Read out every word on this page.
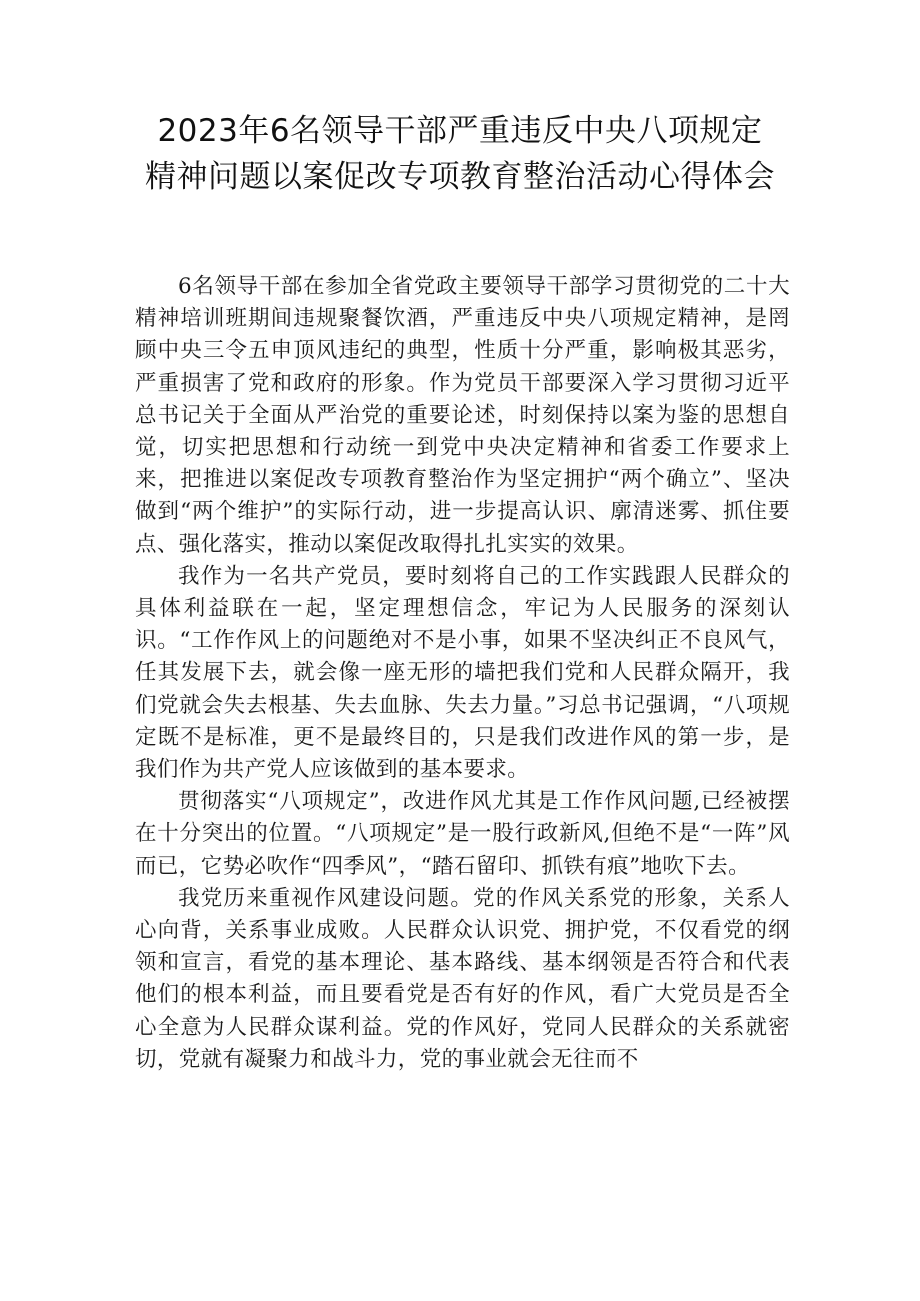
2023年6名领导干部严重违反中央八项规定
精神问题以案促改专项教育整治活动心得体会

6名领导干部在参加全省党政主要领导干部学习贯彻党的二十大精神培训班期间违规聚餐饮酒，严重违反中央八项规定精神，是罔顾中央三令五申顶风违纪的典型，性质十分严重，影响极其恶劣，严重损害了党和政府的形象。作为党员干部要深入学习贯彻习近平总书记关于全面从严治党的重要论述，时刻保持以案为鉴的思想自觉，切实把思想和行动统一到党中央决定精神和省委工作要求上来，把推进以案促改专项教育整治作为坚定拥护“两个确立”、坚决做到“两个维护”的实际行动，进一步提高认识、廓清迷雾、抓住要点、强化落实，推动以案促改取得扎扎实实的效果。

我作为一名共产党员，要时刻将自己的工作实践跟人民群众的具体利益联在一起，坚定理想信念，牢记为人民服务的深刻认识。“工作作风上的问题绝对不是小事，如果不坚决纠正不良风气，任其发展下去，就会像一座无形的墙把我们党和人民群众隔开，我们党就会失去根基、失去血脉、失去力量。”习总书记强调，“八项规定既不是标准，更不是最终目的，只是我们改进作风的第一步，是我们作为共产党人应该做到的基本要求。

贯彻落实“八项规定”，改进作风尤其是工作作风问题,已经被摆在十分突出的位置。“八项规定”是一股行政新风,但绝不是“一阵”风而已，它势必吹作“四季风”，“踏石留印、抓铁有痕”地吹下去。

我党历来重视作风建设问题。党的作风关系党的形象，关系人心向背，关系事业成败。人民群众认识党、拥护党，不仅看党的纲领和宣言，看党的基本理论、基本路线、基本纲领是否符合和代表他们的根本利益，而且要看党是否有好的作风，看广大党员是否全心全意为人民群众谋利益。党的作风好，党同人民群众的关系就密切，党就有凝聚力和战斗力，党的事业就会无往而不
